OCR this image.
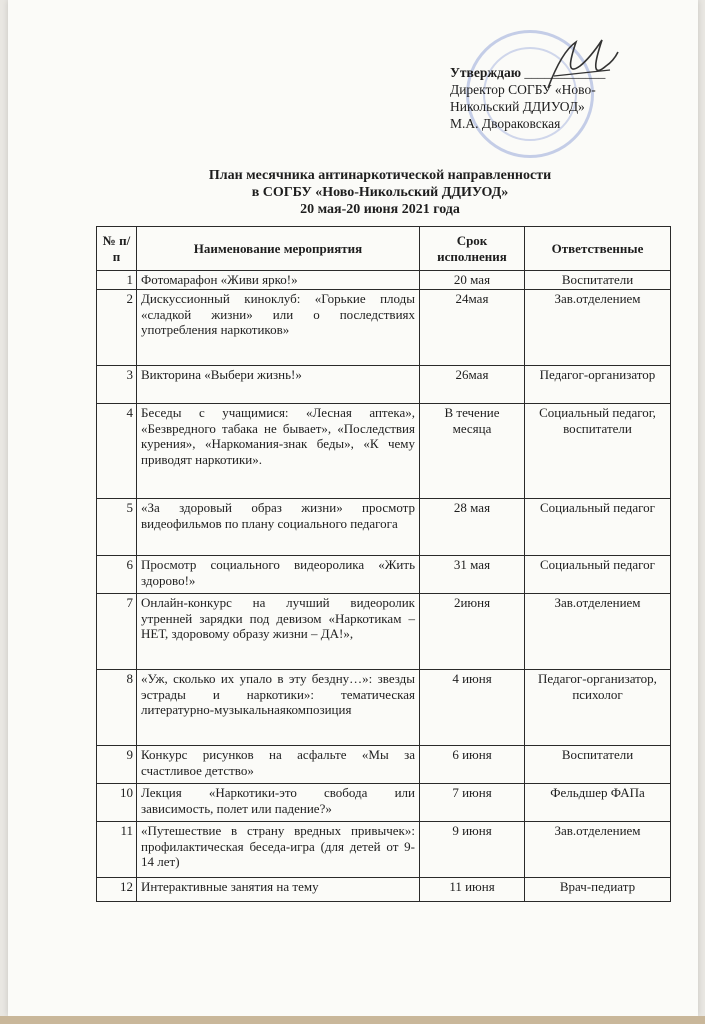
Утверждаю ____________
Директор СОГБУ «Ново-
Никольский ДДИУОД»
М.А. Двораковская
План месячника антинаркотической направленности
в СОГБУ «Ново-Никольский ДДИУОД»
20 мая-20 июня 2021 года
№ п/п	Наименование мероприятия	Срок исполнения	Ответственные
1	Фотомарафон «Живи ярко!»	20 мая	Воспитатели
2	Дискуссионный киноклуб: «Горькие плоды «сладкой жизни» или о последствиях употребления наркотиков»	24мая	Зав.отделением
3	Викторина «Выбери жизнь!»	26мая	Педагог-организатор
4	Беседы с учащимися: «Лесная аптека», «Безвредного табака не бывает», «Последствия курения», «Наркомания-знак беды», «К чему приводят наркотики».	В течение месяца	Социальный педагог, воспитатели
5	«За здоровый образ жизни» просмотр видеофильмов по плану социального педагога	28 мая	Социальный педагог
6	Просмотр социального видеоролика «Жить здорово!»	31 мая	Социальный педагог
7	Онлайн-конкурс на лучший видеоролик утренней зарядки под девизом «Наркотикам –НЕТ, здоровому образу жизни – ДА!»,	2июня	Зав.отделением
8	«Уж, сколько их упало в эту бездну…»: звезды эстрады и наркотики»: тематическая литературно-музыкальнаякомпозиция	4 июня	Педагог-организатор, психолог
9	Конкурс рисунков на асфальте «Мы за счастливое детство»	6 июня	Воспитатели
10	Лекция «Наркотики-это свобода или зависимость, полет или падение?»	7 июня	Фельдшер ФАПа
11	«Путешествие в страну вредных привычек»: профилактическая беседа-игра (для детей от 9-14 лет)	9 июня	Зав.отделением
12	Интерактивные занятия на тему	11 июня	Врач-педиатр
